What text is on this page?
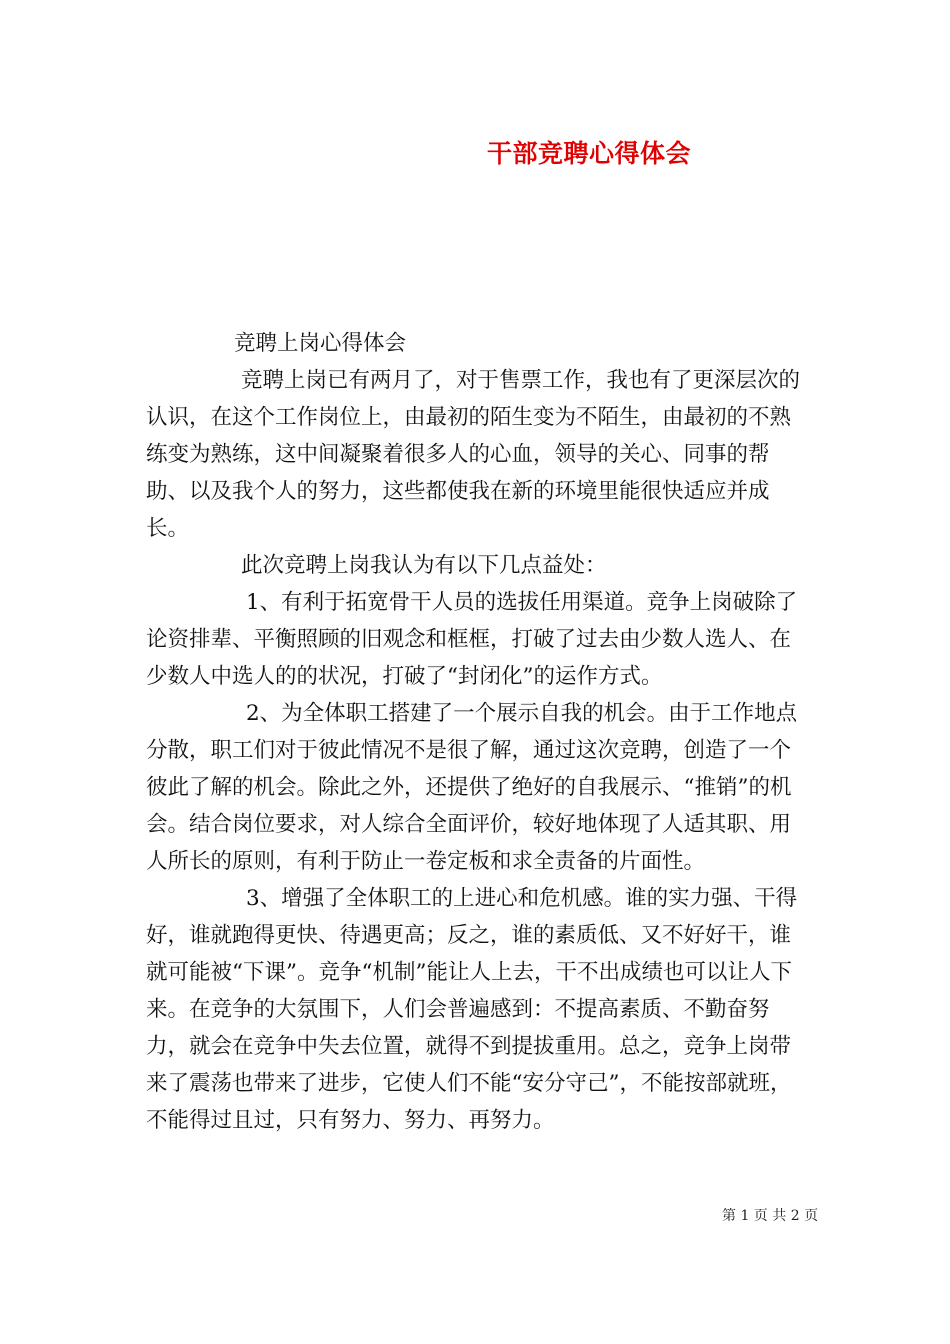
干部竞聘心得体会

竞聘上岗心得体会

竞聘上岗已有两月了，对于售票工作，我也有了更深层次的认识，在这个工作岗位上，由最初的陌生变为不陌生，由最初的不熟练变为熟练，这中间凝聚着很多人的心血，领导的关心、同事的帮助、以及我个人的努力，这些都使我在新的环境里能很快适应并成长。

此次竞聘上岗我认为有以下几点益处：

1、有利于拓宽骨干人员的选拔任用渠道。竞争上岗破除了论资排辈、平衡照顾的旧观念和框框，打破了过去由少数人选人、在少数人中选人的的状况，打破了“封闭化”的运作方式。

2、为全体职工搭建了一个展示自我的机会。由于工作地点分散，职工们对于彼此情况不是很了解，通过这次竞聘，创造了一个彼此了解的机会。除此之外，还提供了绝好的自我展示、“推销”的机会。结合岗位要求，对人综合全面评价，较好地体现了人适其职、用人所长的原则，有利于防止一卷定板和求全责备的片面性。

3、增强了全体职工的上进心和危机感。谁的实力强、干得好，谁就跑得更快、待遇更高；反之，谁的素质低、又不好好干，谁就可能被“下课”。竞争“机制”能让人上去，干不出成绩也可以让人下来。在竞争的大氛围下，人们会普遍感到：不提高素质、不勤奋努力，就会在竞争中失去位置，就得不到提拔重用。总之，竞争上岗带来了震荡也带来了进步，它使人们不能“安分守己”，不能按部就班，不能得过且过，只有努力、努力、再努力。

第 1 页 共 2 页
